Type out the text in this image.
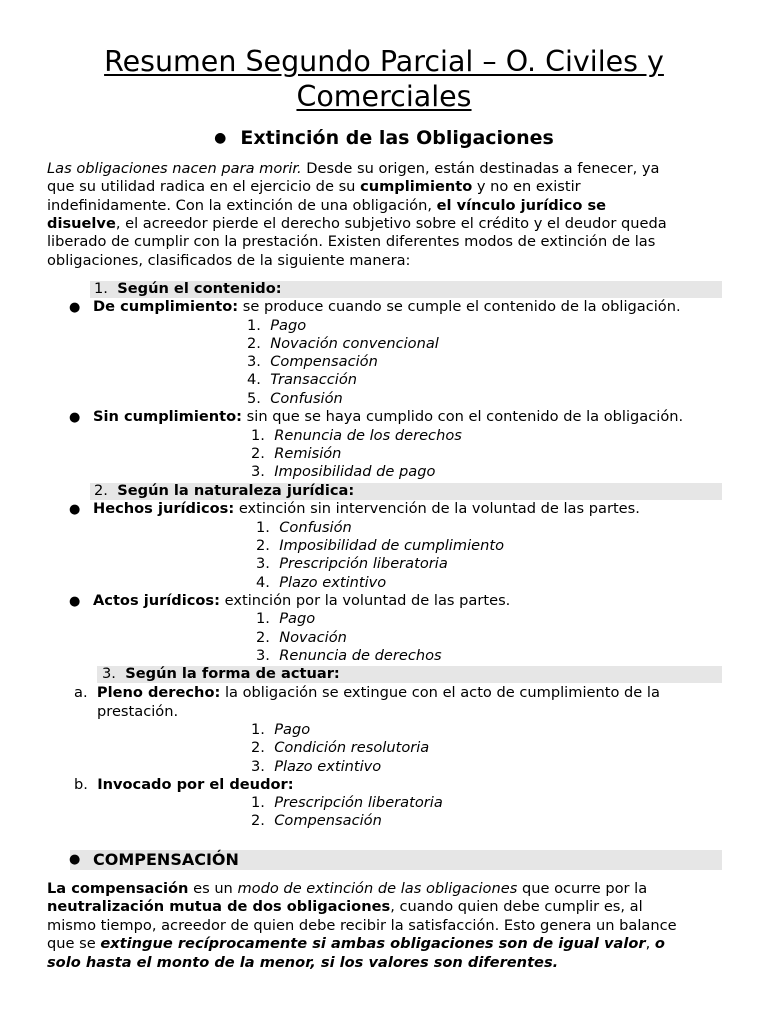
Resumen Segundo Parcial – O. Civiles y
Comerciales
● Extinción de las Obligaciones
Las obligaciones nacen para morir. Desde su origen, están destinadas a fenecer, ya
que su utilidad radica en el ejercicio de su cumplimiento y no en existir
indefinidamente. Con la extinción de una obligación, el vínculo jurídico se
disuelve, el acreedor pierde el derecho subjetivo sobre el crédito y el deudor queda
liberado de cumplir con la prestación. Existen diferentes modos de extinción de las
obligaciones, clasificados de la siguiente manera:
1. Según el contenido:
● De cumplimiento: se produce cuando se cumple el contenido de la obligación.
1.  Pago
2.  Novación convencional
3.  Compensación
4.  Transacción
5.  Confusión
● Sin cumplimiento: sin que se haya cumplido con el contenido de la obligación.
1.  Renuncia de los derechos
2.  Remisión
3.  Imposibilidad de pago
2. Según la naturaleza jurídica:
● Hechos jurídicos: extinción sin intervención de la voluntad de las partes.
1.  Confusión
2.  Imposibilidad de cumplimiento
3.  Prescripción liberatoria
4.  Plazo extintivo
● Actos jurídicos: extinción por la voluntad de las partes.
1.  Pago
2.  Novación
3.  Renuncia de derechos
3. Según la forma de actuar:
a. Pleno derecho: la obligación se extingue con el acto de cumplimiento de la
prestación.
1.  Pago
2.  Condición resolutoria
3.  Plazo extintivo
b. Invocado por el deudor:
1.  Prescripción liberatoria
2.  Compensación
● COMPENSACIÓN
La compensación es un modo de extinción de las obligaciones que ocurre por la
neutralización mutua de dos obligaciones, cuando quien debe cumplir es, al
mismo tiempo, acreedor de quien debe recibir la satisfacción. Esto genera un balance
que se extingue recíprocamente si ambas obligaciones son de igual valor, o
solo hasta el monto de la menor, si los valores son diferentes.
